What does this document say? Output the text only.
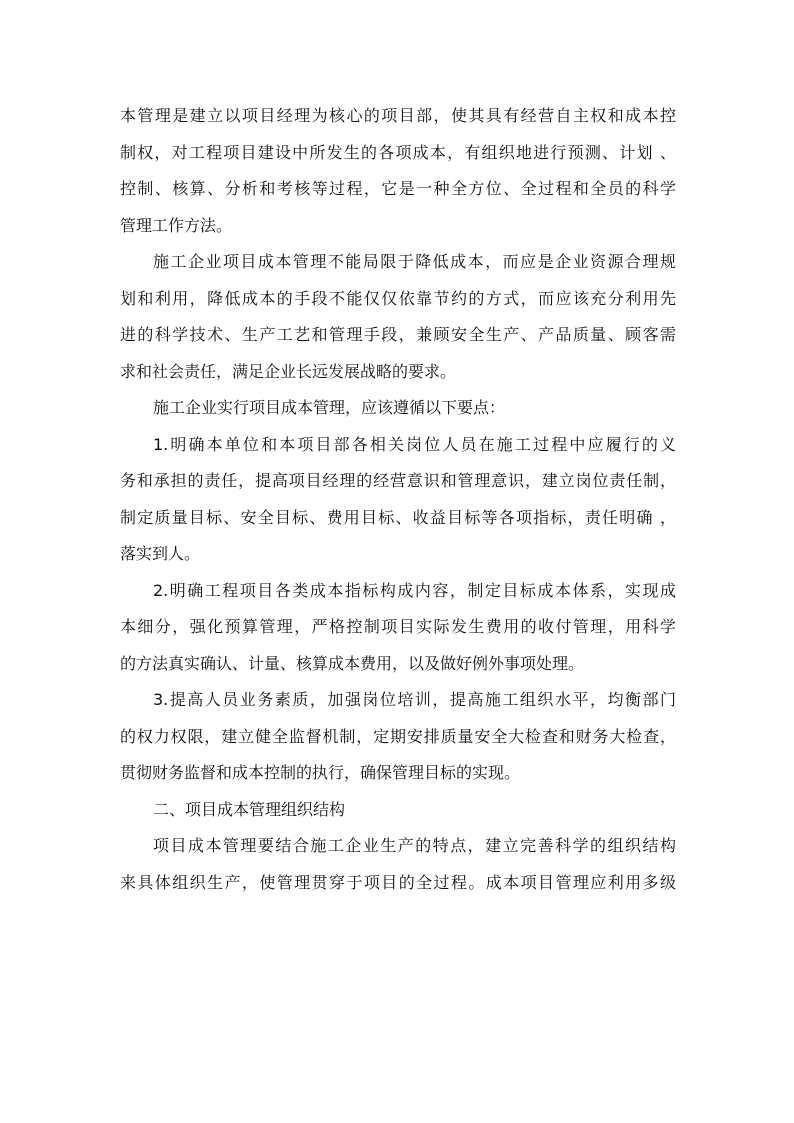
本管理是建立以项目经理为核心的项目部，使其具有经营自主权和成本控
制权，对工程项目建设中所发生的各项成本，有组织地进行预测、计划 、
控制、核算、分析和考核等过程，它是一种全方位、全过程和全员的科学
管理工作方法。
施工企业项目成本管理不能局限于降低成本，而应是企业资源合理规
划和利用，降低成本的手段不能仅仅依靠节约的方式，而应该充分利用先
进的科学技术、生产工艺和管理手段，兼顾安全生产、产品质量、顾客需
求和社会责任，满足企业长远发展战略的要求。
施工企业实行项目成本管理，应该遵循以下要点：
1.明确本单位和本项目部各相关岗位人员在施工过程中应履行的义
务和承担的责任，提高项目经理的经营意识和管理意识，建立岗位责任制，
制定质量目标、安全目标、费用目标、收益目标等各项指标，责任明确 ，
落实到人。
2.明确工程项目各类成本指标构成内容，制定目标成本体系，实现成
本细分，强化预算管理，严格控制项目实际发生费用的收付管理，用科学
的方法真实确认、计量、核算成本费用，以及做好例外事项处理。
3.提高人员业务素质，加强岗位培训，提高施工组织水平，均衡部门
的权力权限，建立健全监督机制，定期安排质量安全大检查和财务大检查，
贯彻财务监督和成本控制的执行，确保管理目标的实现。
二、项目成本管理组织结构
项目成本管理要结合施工企业生产的特点，建立完善科学的组织结构
来具体组织生产，使管理贯穿于项目的全过程。成本项目管理应利用多级
